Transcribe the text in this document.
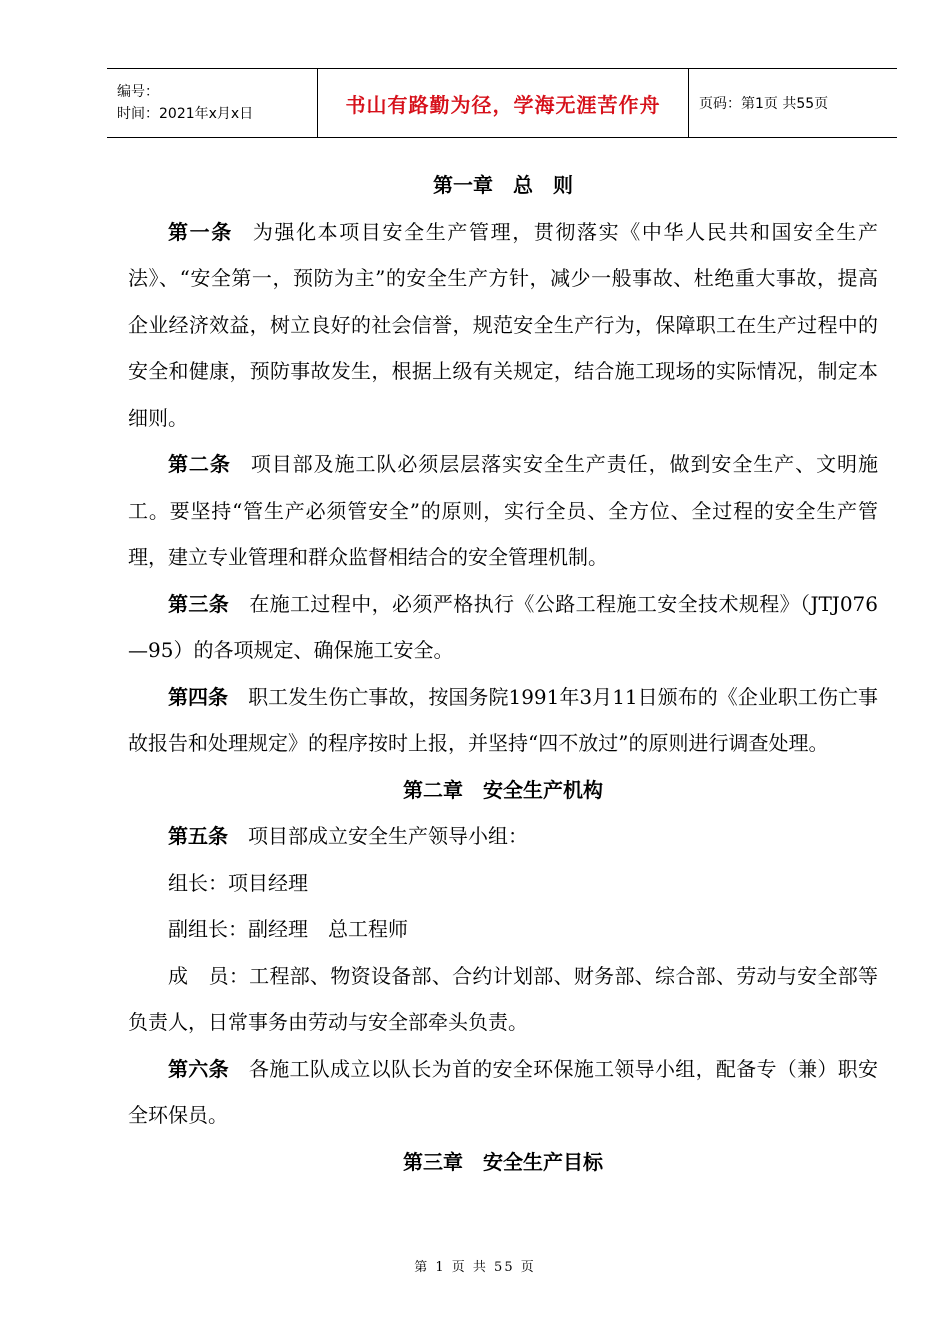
编号：
时间：2021年x月x日	书山有路勤为径，学海无涯苦作舟	页码：第1页 共55页
第一章　总　则

第一条 为强化本项目安全生产管理，贯彻落实《中华人民共和国安全生产法》、“安全第一，预防为主”的安全生产方针，减少一般事故、杜绝重大事故，提高企业经济效益，树立良好的社会信誉，规范安全生产行为，保障职工在生产过程中的安全和健康，预防事故发生，根据上级有关规定，结合施工现场的实际情况，制定本细则。

第二条 项目部及施工队必须层层落实安全生产责任，做到安全生产、文明施工。要坚持“管生产必须管安全”的原则，实行全员、全方位、全过程的安全生产管理，建立专业管理和群众监督相结合的安全管理机制。

第三条 在施工过程中，必须严格执行《公路工程施工安全技术规程》（JTJ076—95）的各项规定、确保施工安全。

第四条 职工发生伤亡事故，按国务院1991年3月11日颁布的《企业职工伤亡事故报告和处理规定》的程序按时上报，并坚持“四不放过”的原则进行调查处理。

第二章　安全生产机构

第五条 项目部成立安全生产领导小组：

组长：项目经理

副组长：副经理　总工程师

成　员：工程部、物资设备部、合约计划部、财务部、综合部、劳动与安全部等负责人，日常事务由劳动与安全部牵头负责。

第六条 各施工队成立以队长为首的安全环保施工领导小组，配备专（兼）职安全环保员。

第三章　安全生产目标
第 1 页 共 55 页
